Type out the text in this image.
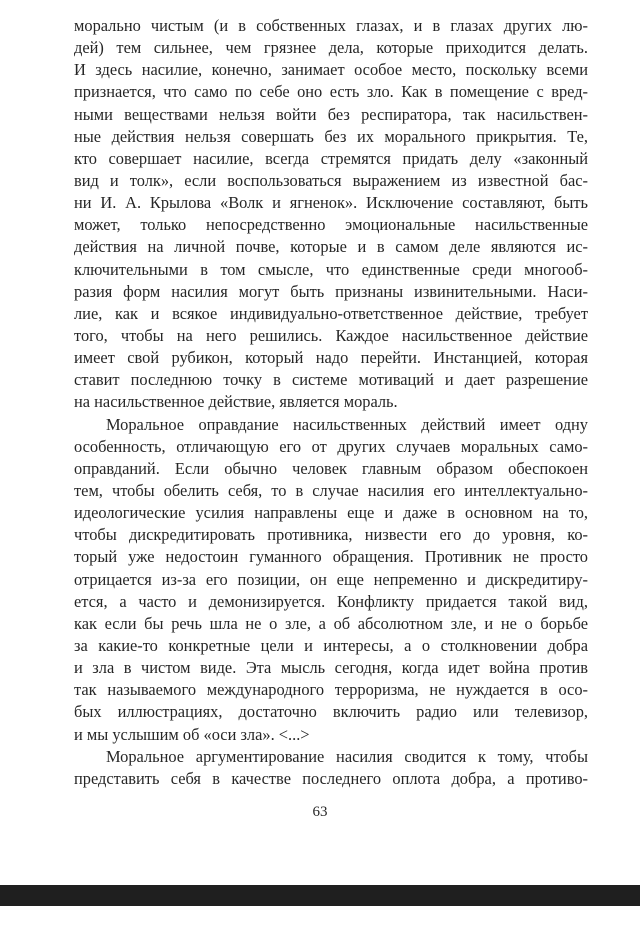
морально чистым (и в собственных глазах, и в глазах других лю-
дей) тем сильнее, чем грязнее дела, которые приходится делать.
И здесь насилие, конечно, занимает особое место, поскольку всеми
признается, что само по себе оно есть зло. Как в помещение с вред-
ными веществами нельзя войти без респиратора, так насильствен-
ные действия нельзя совершать без их морального прикрытия. Те,
кто совершает насилие, всегда стремятся придать делу «законный
вид и толк», если воспользоваться выражением из известной бас-
ни И. А. Крылова «Волк и ягненок». Исключение составляют, быть
может, только непосредственно эмоциональные насильственные
действия на личной почве, которые и в самом деле являются ис-
ключительными в том смысле, что единственные среди многооб-
разия форм насилия могут быть признаны извинительными. Наси-
лие, как и всякое индивидуально-ответственное действие, требует
того, чтобы на него решились. Каждое насильственное действие
имеет свой рубикон, который надо перейти. Инстанцией, которая
ставит последнюю точку в системе мотиваций и дает разрешение
на насильственное действие, является мораль.
Моральное оправдание насильственных действий имеет одну
особенность, отличающую его от других случаев моральных само-
оправданий. Если обычно человек главным образом обеспокоен
тем, чтобы обелить себя, то в случае насилия его интеллектуально-
идеологические усилия направлены еще и даже в основном на то,
чтобы дискредитировать противника, низвести его до уровня, ко-
торый уже недостоин гуманного обращения. Противник не просто
отрицается из-за его позиции, он еще непременно и дискредитиру-
ется, а часто и демонизируется. Конфликту придается такой вид,
как если бы речь шла не о зле, а об абсолютном зле, и не о борьбе
за какие-то конкретные цели и интересы, а о столкновении добра
и зла в чистом виде. Эта мысль сегодня, когда идет война против
так называемого международного терроризма, не нуждается в осо-
бых иллюстрациях, достаточно включить радио или телевизор,
и мы услышим об «оси зла». <...>
Моральное аргументирование насилия сводится к тому, чтобы
представить себя в качестве последнего оплота добра, а противо-
63
